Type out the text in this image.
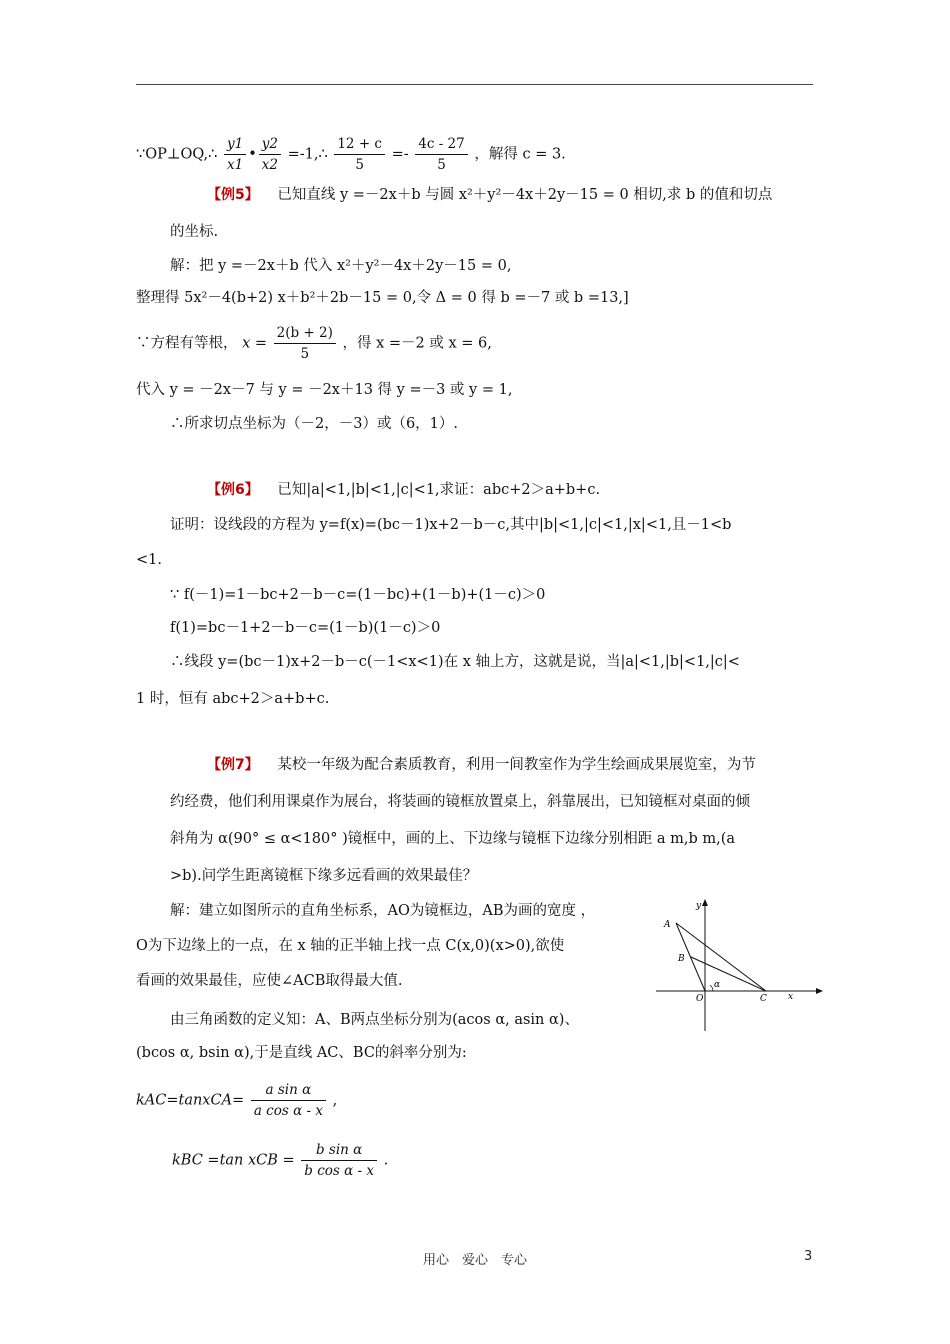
∵OP⊥OQ,∴ $\frac{y1}{x1}$ • $\frac{y2}{x2}$ =-1,∴ $\frac{12 + c}{5} =- \frac{4c - 27}{5}$ ，解得 c = 3.
【例5】 已知直线 y =－2x＋b 与圆 x²＋y²－4x＋2y－15 = 0 相切,求 b 的值和切点
的坐标.
解：把 y =－2x＋b 代入 x²＋y²－4x＋2y－15 = 0,
整理得 5x²－4(b+2) x＋b²＋2b－15 = 0,令 Δ = 0 得 b =－7 或 b =13,]
∵方程有等根， $x = \frac{2(b + 2)}{5}$ ，得 x =－2 或 x = 6,
代入 y = －2x－7 与 y = －2x＋13 得 y =－3 或 y = 1,
∴所求切点坐标为（－2，－3）或（6，1）.
【例6】 已知|a|<1,|b|<1,|c|<1,求证：abc+2＞a+b+c.
证明：设线段的方程为 y=f(x)=(bc－1)x+2－b－c,其中|b|<1,|c|<1,|x|<1,且－1<b
<1.
∵ f(－1)=1－bc+2－b－c=(1－bc)+(1－b)+(1－c)＞0
f(1)=bc－1+2－b－c=(1－b)(1－c)＞0
∴线段 y=(bc－1)x+2－b－c(－1<x<1)在 x 轴上方，这就是说，当|a|<1,|b|<1,|c|<
1 时，恒有 abc+2＞a+b+c.
【例7】 某校一年级为配合素质教育，利用一间教室作为学生绘画成果展览室，为节
约经费，他们利用课桌作为展台，将装画的镜框放置桌上，斜靠展出，已知镜框对桌面的倾
斜角为 α(90° ≤ α<180° )镜框中，画的上、下边缘与镜框下边缘分别相距 a m,b m,(a
>b).问学生距离镜框下缘多远看画的效果最佳？
解：建立如图所示的直角坐标系，AO为镜框边，AB为画的宽度 ，
O为下边缘上的一点，在 x 轴的正半轴上找一点 C(x,0)(x>0),欲使
看画的效果最佳，应使∠ACB取得最大值.
由三角函数的定义知：A、B两点坐标分别为(acos α, asin α)、
(bcos α, bsin α),于是直线 AC、BC的斜率分别为:
kAC=tanxCA= $\frac{\text{a sin α}}{\text{a cos α - x}}$ ,
kBC =tan xCB = $\frac{\text{b sin α}}{\text{b cos α - x}}$ .
y
x
A
B
O	C
α
用心　爱心　专心	3
